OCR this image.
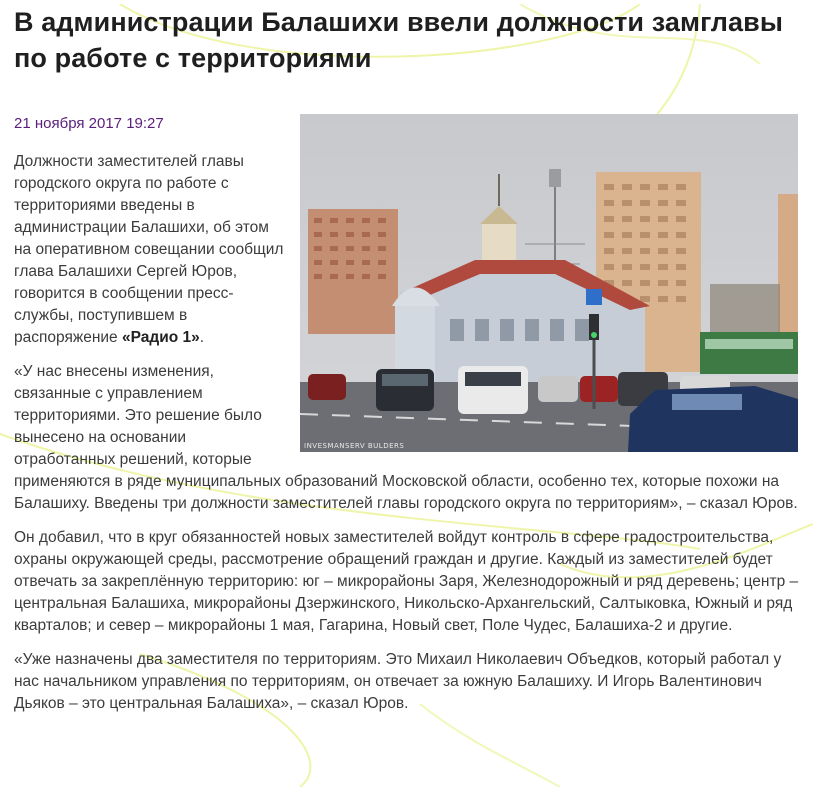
В администрации Балашихи ввели должности замглавы по работе с территориями
INVESMANSERV BULDERS
21 ноября 2017 19:27

Должности заместителей главы городского округа по работе с территориями введены в администрации Балашихи, об этом на оперативном совещании сообщил глава Балашихи Сергей Юров, говорится в сообщении пресс-службы, поступившем в распоряжение «Радио 1».

«У нас внесены изменения, связанные с управлением территориями. Это решение было вынесено на основании отработанных решений, которые применяются в ряде муниципальных образований Московской области, особенно тех, которые похожи на Балашиху. Введены три должности заместителей главы городского округа по территориям», – сказал Юров.

Он добавил, что в круг обязанностей новых заместителей войдут контроль в сфере градостроительства, охраны окружающей среды, рассмотрение обращений граждан и другие. Каждый из заместителей будет отвечать за закреплённую территорию: юг – микрорайоны Заря, Железнодорожный и ряд деревень; центр – центральная Балашиха, микрорайоны Дзержинского, Никольско-Архангельский, Салтыковка, Южный и ряд кварталов; и север – микрорайоны 1 мая, Гагарина, Новый свет, Поле Чудес, Балашиха-2 и другие.

«Уже назначены два заместителя по территориям. Это Михаил Николаевич Объедков, который работал у нас начальником управления по территориям, он отвечает за южную Балашиху. И Игорь Валентинович Дьяков – это центральная Балашиха», – сказал Юров.
